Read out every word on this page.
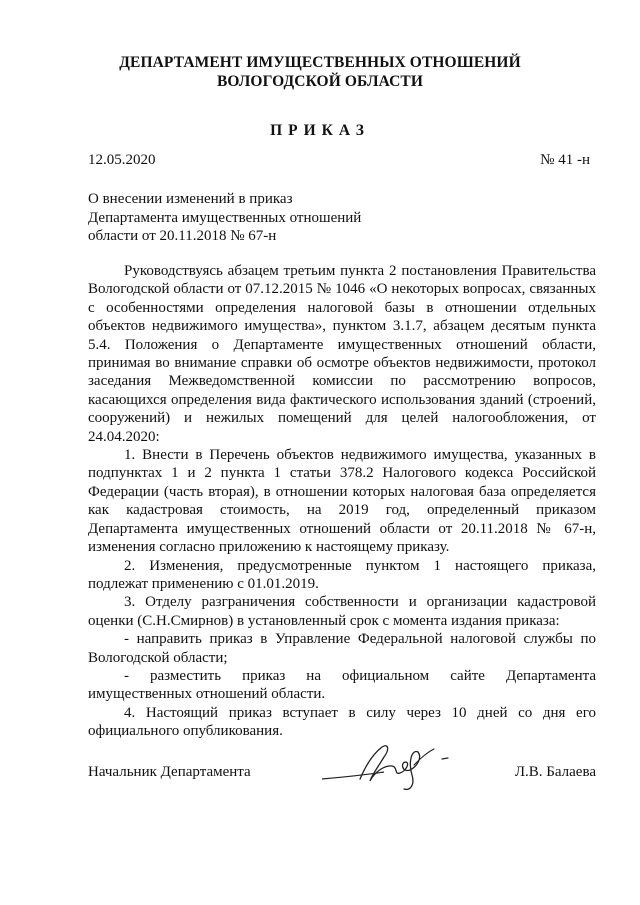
ДЕПАРТАМЕНТ ИМУЩЕСТВЕННЫХ ОТНОШЕНИЙ
ВОЛОГОДСКОЙ ОБЛАСТИ
ПРИКАЗ
12.05.2020	№ 41 -н
О внесении изменений в приказ
Департамента имущественных отношений
области от 20.11.2018 № 67-н

Руководствуясь абзацем третьим пункта 2 постановления Правительства Вологодской области от 07.12.2015 № 1046 «О некоторых вопросах, связанных с особенностями определения налоговой базы в отношении отдельных объектов недвижимого имущества», пунктом 3.1.7, абзацем десятым пункта 5.4. Положения о Департаменте имущественных отношений области, принимая во внимание справки об осмотре объектов недвижимости, протокол заседания Межведомственной комиссии по рассмотрению вопросов, касающихся определения вида фактического использования зданий (строений, сооружений) и нежилых помещений для целей налогообложения, от 24.04.2020:

1. Внести в Перечень объектов недвижимого имущества, указанных в подпунктах 1 и 2 пункта 1 статьи 378.2 Налогового кодекса Российской Федерации (часть вторая), в отношении которых налоговая база определяется как кадастровая стоимость, на 2019 год, определенный приказом Департамента имущественных отношений области от 20.11.2018 № 67-н, изменения согласно приложению к настоящему приказу.

2. Изменения, предусмотренные пунктом 1 настоящего приказа, подлежат применению с 01.01.2019.

3. Отделу разграничения собственности и организации кадастровой оценки (С.Н.Смирнов) в установленный срок с момента издания приказа:

- направить приказ в Управление Федеральной налоговой службы по Вологодской области;

- разместить приказ на официальном сайте Департамента имущественных отношений области.

4. Настоящий приказ вступает в силу через 10 дней со дня его официального опубликования.

Начальник Департамента	Л.В. Балаева
